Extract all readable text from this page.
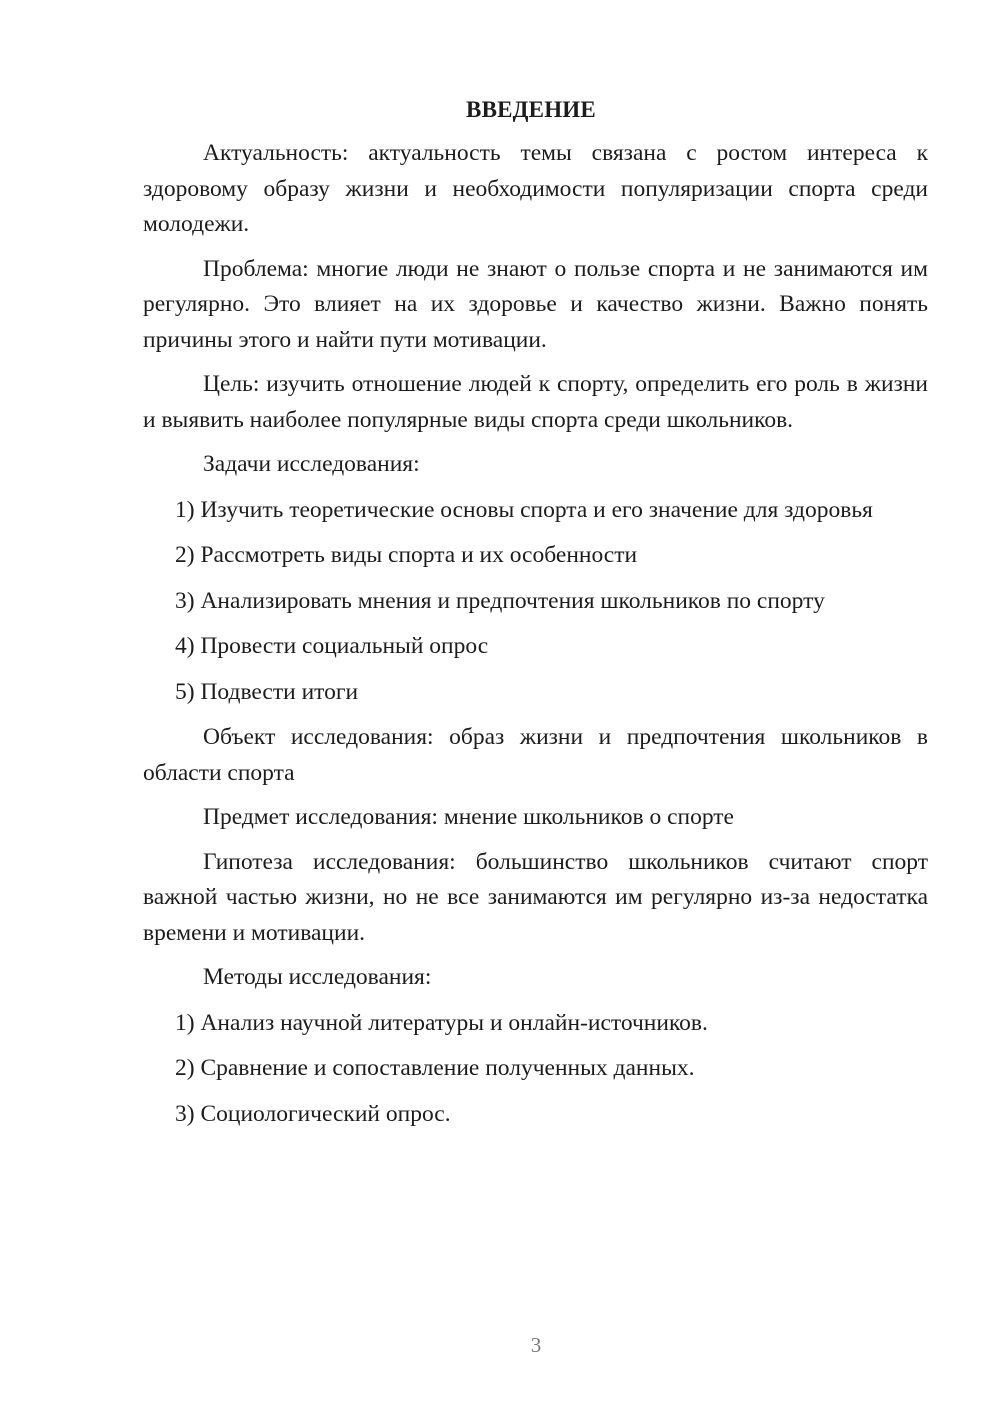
ВВЕДЕНИЕ

Актуальность: актуальность темы связана с ростом интереса к здоровому образу жизни и необходимости популяризации спорта среди молодежи.

Проблема: многие люди не знают о пользе спорта и не занимаются им регулярно. Это влияет на их здоровье и качество жизни. Важно понять причины этого и найти пути мотивации.

Цель: изучить отношение людей к спорту, определить его роль в жизни и выявить наиболее популярные виды спорта среди школьников.

Задачи исследования:

1) Изучить теоретические основы спорта и его значение для здоровья

2) Рассмотреть виды спорта и их особенности

3) Анализировать мнения и предпочтения школьников по спорту

4) Провести социальный опрос

5) Подвести итоги

Объект исследования: образ жизни и предпочтения школьников в области спорта

Предмет исследования: мнение школьников о спорте

Гипотеза исследования: большинство школьников считают спорт важной частью жизни, но не все занимаются им регулярно из-за недостатка времени и мотивации.

Методы исследования:

1) Анализ научной литературы и онлайн-источников.

2) Сравнение и сопоставление полученных данных.

3) Социологический опрос.

3
